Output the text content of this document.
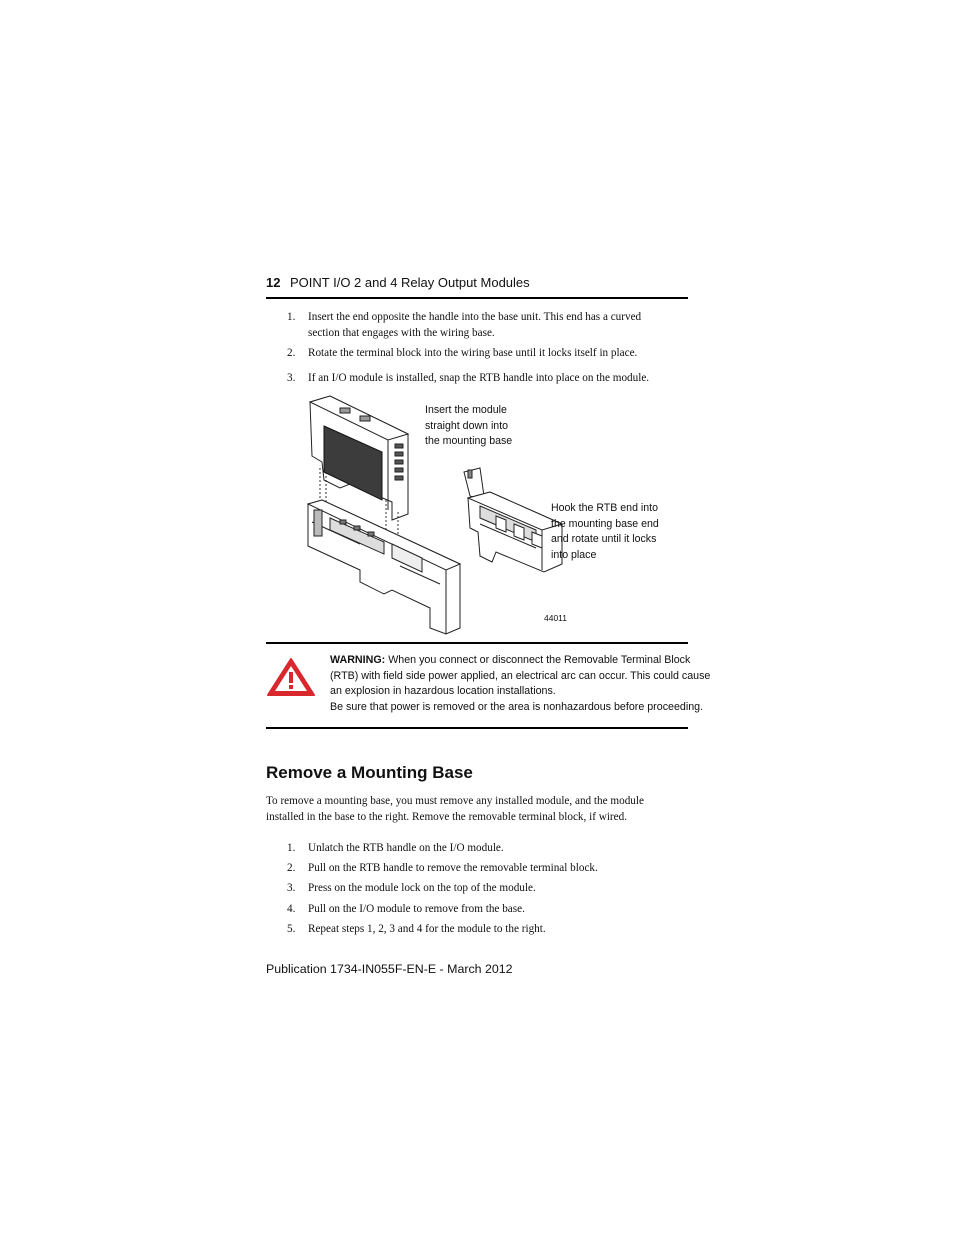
12 POINT I/O 2 and 4 Relay Output Modules
1. Insert the end opposite the handle into the base unit. This end has a curved
section that engages with the wiring base.
2. Rotate the terminal block into the wiring base until it locks itself in place.
3. If an I/O module is installed, snap the RTB handle into place on the module.
Insert the module
straight down into
the mounting base
Hook the RTB end into
the mounting base end
and rotate until it locks
into place
44011
WARNING: When you connect or disconnect the Removable Terminal Block
(RTB) with field side power applied, an electrical arc can occur. This could cause
an explosion in hazardous location installations.
Be sure that power is removed or the area is nonhazardous before proceeding.
Remove a Mounting Base
To remove a mounting base, you must remove any installed module, and the module
installed in the base to the right. Remove the removable terminal block, if wired.
1. Unlatch the RTB handle on the I/O module.
2. Pull on the RTB handle to remove the removable terminal block.
3. Press on the module lock on the top of the module.
4. Pull on the I/O module to remove from the base.
5. Repeat steps 1, 2, 3 and 4 for the module to the right.
Publication 1734-IN055F-EN-E - March 2012
